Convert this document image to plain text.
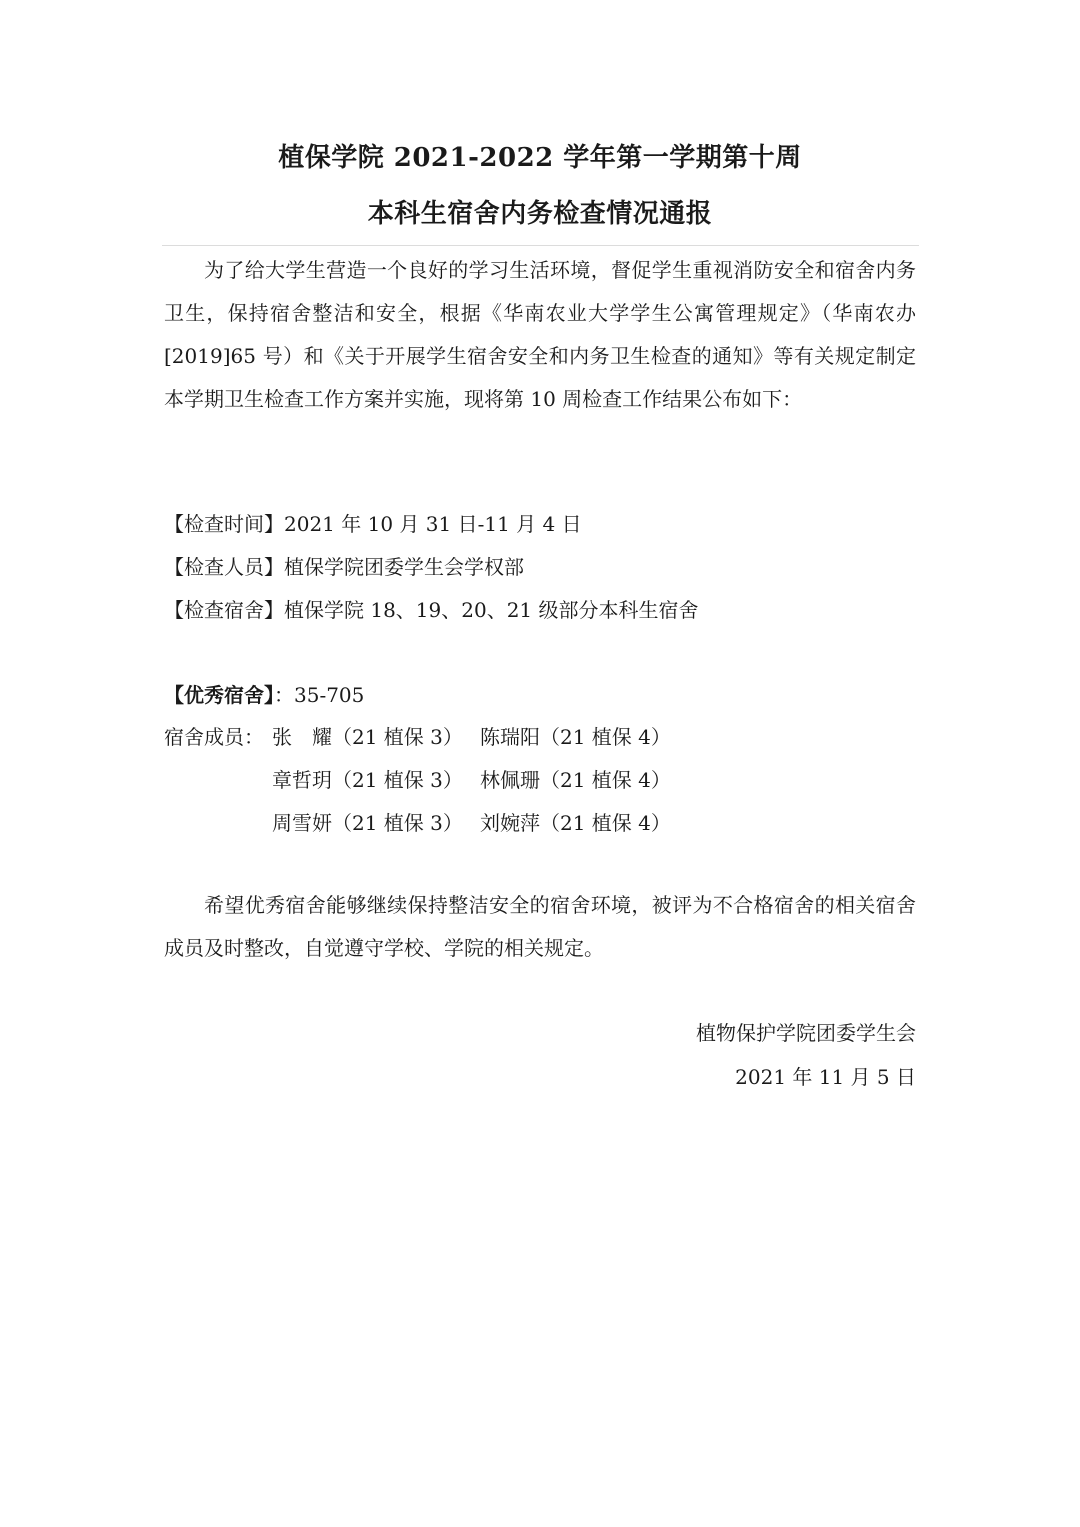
植保学院 2021-2022 学年第一学期第十周
本科生宿舍内务检查情况通报

为了给大学生营造一个良好的学习生活环境，督促学生重视消防安全和宿舍内务卫生，保持宿舍整洁和安全，根据《华南农业大学学生公寓管理规定》（华南农办[2019]65 号）和《关于开展学生宿舍安全和内务卫生检查的通知》等有关规定制定本学期卫生检查工作方案并实施，现将第 10 周检查工作结果公布如下：

【检查时间】2021 年 10 月 31 日-11 月 4 日
【检查人员】植保学院团委学生会学权部
【检查宿舍】植保学院 18、19、20、21 级部分本科生宿舍
【优秀宿舍】：35-705
宿舍成员： 张　耀（21 植保 3） 陈瑞阳（21 植保 4）
章哲玥（21 植保 3） 林佩珊（21 植保 4）
周雪妍（21 植保 3） 刘婉萍（21 植保 4）

希望优秀宿舍能够继续保持整洁安全的宿舍环境，被评为不合格宿舍的相关宿舍成员及时整改，自觉遵守学校、学院的相关规定。

植物保护学院团委学生会
2021 年 11 月 5 日
